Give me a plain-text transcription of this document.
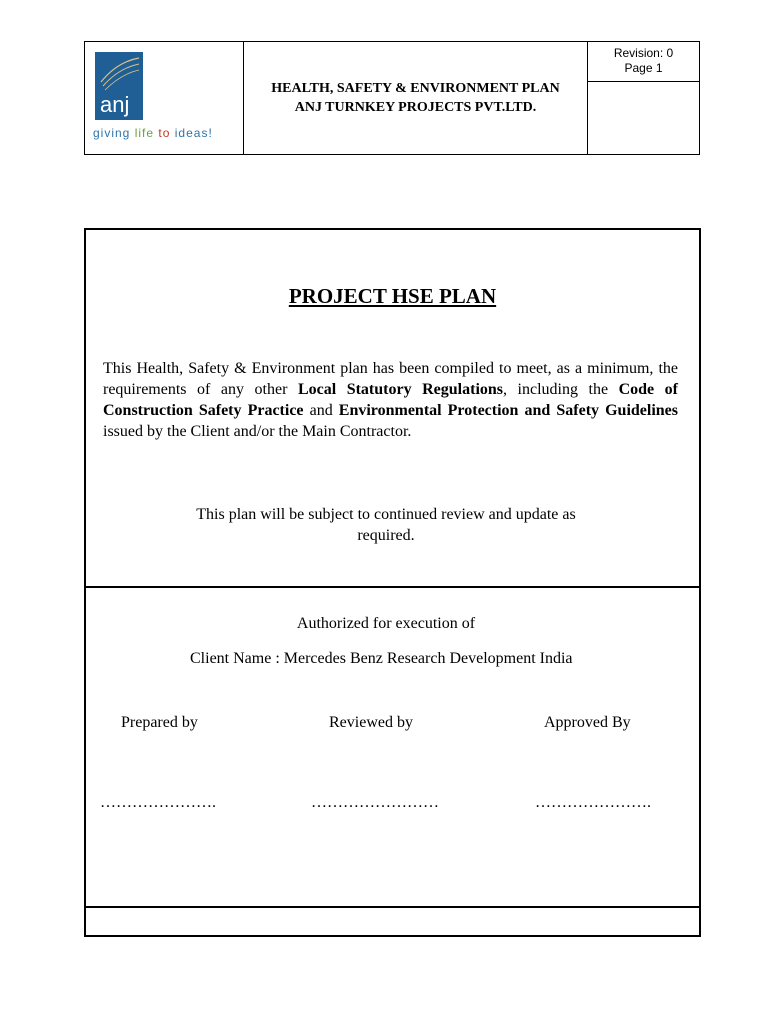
anj
giving life to ideas!
HEALTH, SAFETY & ENVIRONMENT PLAN
ANJ TURNKEY PROJECTS PVT.LTD.
Revision: 0
Page 1
PROJECT HSE PLAN

This Health, Safety & Environment plan has been compiled to meet, as a minimum, the requirements of any other Local Statutory Regulations, including the Code of Construction Safety Practice and Environmental Protection and Safety Guidelines issued by the Client and/or the Main Contractor.

This plan will be subject to continued review and update as required.
Authorized for execution of
Client Name : Mercedes Benz Research Development India
Prepared by	Reviewed by	Approved By
………………….	……………………	………………….
